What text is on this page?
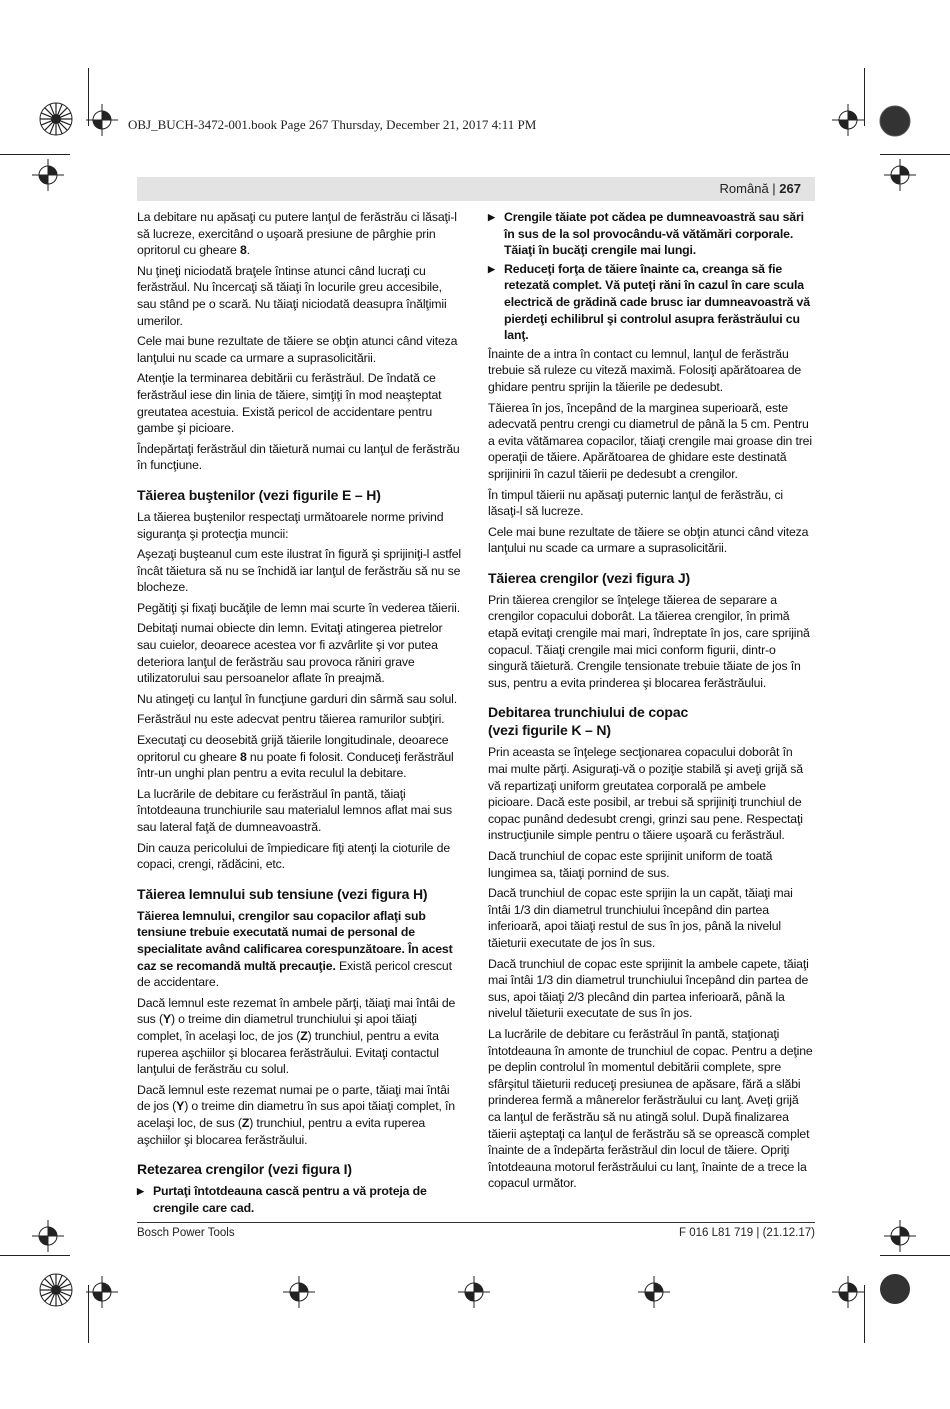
OBJ_BUCH-3472-001.book Page 267 Thursday, December 21, 2017 4:11 PM
Română | 267

La debitare nu apăsaţi cu putere lanţul de ferăstrău ci lăsaţi-l să lucreze, exercitând o uşoară presiune de pârghie prin opritorul cu gheare 8.

Nu ţineţi niciodată braţele întinse atunci când lucraţi cu ferăstrăul. Nu încercaţi să tăiaţi în locurile greu accesibile, sau stând pe o scară. Nu tăiaţi niciodată deasupra înălţimii umerilor.

Cele mai bune rezultate de tăiere se obţin atunci când viteza lanţului nu scade ca urmare a suprasolicitării.

Atenţie la terminarea debitării cu ferăstrăul. De îndată ce ferăstrăul iese din linia de tăiere, simţiţi în mod neaşteptat greutatea acestuia. Există pericol de accidentare pentru gambe şi picioare.

Îndepărtaţi ferăstrăul din tăietură numai cu lanţul de ferăstrău în funcţiune.

Tăierea buştenilor (vezi figurile E – H)

La tăierea buştenilor respectaţi următoarele norme privind siguranţa şi protecţia muncii:

Aşezaţi buşteanul cum este ilustrat în figură şi sprijiniţi-l astfel încât tăietura să nu se închidă iar lanţul de ferăstrău să nu se blocheze.

Pegătiţi şi fixaţi bucăţile de lemn mai scurte în vederea tăierii.

Debitaţi numai obiecte din lemn. Evitaţi atingerea pietrelor sau cuielor, deoarece acestea vor fi azvârlite şi vor putea deteriora lanţul de ferăstrău sau provoca răniri grave utilizatorului sau persoanelor aflate în preajmă.

Nu atingeţi cu lanţul în funcţiune garduri din sârmă sau solul.

Ferăstrăul nu este adecvat pentru tăierea ramurilor subţiri.

Executaţi cu deosebită grijă tăierile longitudinale, deoarece opritorul cu gheare 8 nu poate fi folosit. Conduceţi ferăstrăul într-un unghi plan pentru a evita reculul la debitare.

La lucrările de debitare cu ferăstrăul în pantă, tăiaţi întotdeauna trunchiurile sau materialul lemnos aflat mai sus sau lateral faţă de dumneavoastră.

Din cauza pericolului de împiedicare fiţi atenţi la cioturile de copaci, crengi, rădăcini, etc.

Tăierea lemnului sub tensiune (vezi figura H)

Tăierea lemnului, crengilor sau copacilor aflaţi sub tensiune trebuie executată numai de personal de specialitate având calificarea corespunzătoare. În acest caz se recomandă multă precauţie. Există pericol crescut de accidentare.

Dacă lemnul este rezemat în ambele părţi, tăiaţi mai întâi de sus (Y) o treime din diametrul trunchiului şi apoi tăiaţi complet, în acelaşi loc, de jos (Z) trunchiul, pentru a evita ruperea aşchiilor şi blocarea ferăstrăului. Evitaţi contactul lanţului de ferăstrău cu solul.

Dacă lemnul este rezemat numai pe o parte, tăiaţi mai întâi de jos (Y) o treime din diametru în sus apoi tăiaţi complet, în acelaşi loc, de sus (Z) trunchiul, pentru a evita ruperea aşchiilor şi blocarea ferăstrăului.

Retezarea crengilor (vezi figura I)

▶ Purtaţi întotdeauna cască pentru a vă proteja de crengile care cad.

▶ Crengile tăiate pot cădea pe dumneavoastră sau sări în sus de la sol provocându-vă vătămări corporale. Tăiaţi în bucăţi crengile mai lungi.

▶ Reduceţi forţa de tăiere înainte ca, creanga să fie retezată complet. Vă puteţi răni în cazul în care scula electrică de grădină cade brusc iar dumneavoastră vă pierdeţi echilibrul şi controlul asupra ferăstrăului cu lanţ.

Înainte de a intra în contact cu lemnul, lanţul de ferăstrău trebuie să ruleze cu viteză maximă. Folosiţi apărătoarea de ghidare pentru sprijin la tăierile pe dedesubt.

Tăierea în jos, începând de la marginea superioară, este adecvată pentru crengi cu diametrul de până la 5 cm. Pentru a evita vătămarea copacilor, tăiaţi crengile mai groase din trei operaţii de tăiere. Apărătoarea de ghidare este destinată sprijinirii în cazul tăierii pe dedesubt a crengilor.

În timpul tăierii nu apăsaţi puternic lanţul de ferăstrău, ci lăsaţi-l să lucreze.

Cele mai bune rezultate de tăiere se obţin atunci când viteza lanţului nu scade ca urmare a suprasolicitării.

Tăierea crengilor (vezi figura J)

Prin tăierea crengilor se înţelege tăierea de separare a crengilor copacului doborât. La tăierea crengilor, în primă etapă evitaţi crengile mai mari, îndreptate în jos, care sprijină copacul. Tăiaţi crengile mai mici conform figurii, dintr-o singură tăietură. Crengile tensionate trebuie tăiate de jos în sus, pentru a evita prinderea şi blocarea ferăstrăului.

Debitarea trunchiului de copac
(vezi figurile K – N)

Prin aceasta se înţelege secţionarea copacului doborât în mai multe părţi. Asiguraţi-vă o poziţie stabilă şi aveţi grijă să vă repartizaţi uniform greutatea corporală pe ambele picioare. Dacă este posibil, ar trebui să sprijiniţi trunchiul de copac punând dedesubt crengi, grinzi sau pene. Respectaţi instrucţiunile simple pentru o tăiere uşoară cu ferăstrăul.

Dacă trunchiul de copac este sprijinit uniform de toată lungimea sa, tăiaţi pornind de sus.

Dacă trunchiul de copac este sprijin la un capăt, tăiaţi mai întâi 1/3 din diametrul trunchiului începând din partea inferioară, apoi tăiaţi restul de sus în jos, până la nivelul tăieturii executate de jos în sus.

Dacă trunchiul de copac este sprijinit la ambele capete, tăiaţi mai întâi 1/3 din diametrul trunchiului începând din partea de sus, apoi tăiaţi 2/3 plecând din partea inferioară, până la nivelul tăieturii executate de sus în jos.

La lucrările de debitare cu ferăstrăul în pantă, staţionaţi întotdeauna în amonte de trunchiul de copac. Pentru a deţine pe deplin controlul în momentul debitării complete, spre sfârşitul tăieturii reduceţi presiunea de apăsare, fără a slăbi prinderea fermă a mânerelor ferăstrăului cu lanţ. Aveţi grijă ca lanţul de ferăstrău să nu atingă solul. După finalizarea tăierii aşteptaţi ca lanţul de ferăstrău să se oprească complet înainte de a îndepărta ferăstrăul din locul de tăiere. Opriţi întotdeauna motorul ferăstrăului cu lanţ, înainte de a trece la copacul următor.

Bosch Power Tools	F 016 L81 719 | (21.12.17)
